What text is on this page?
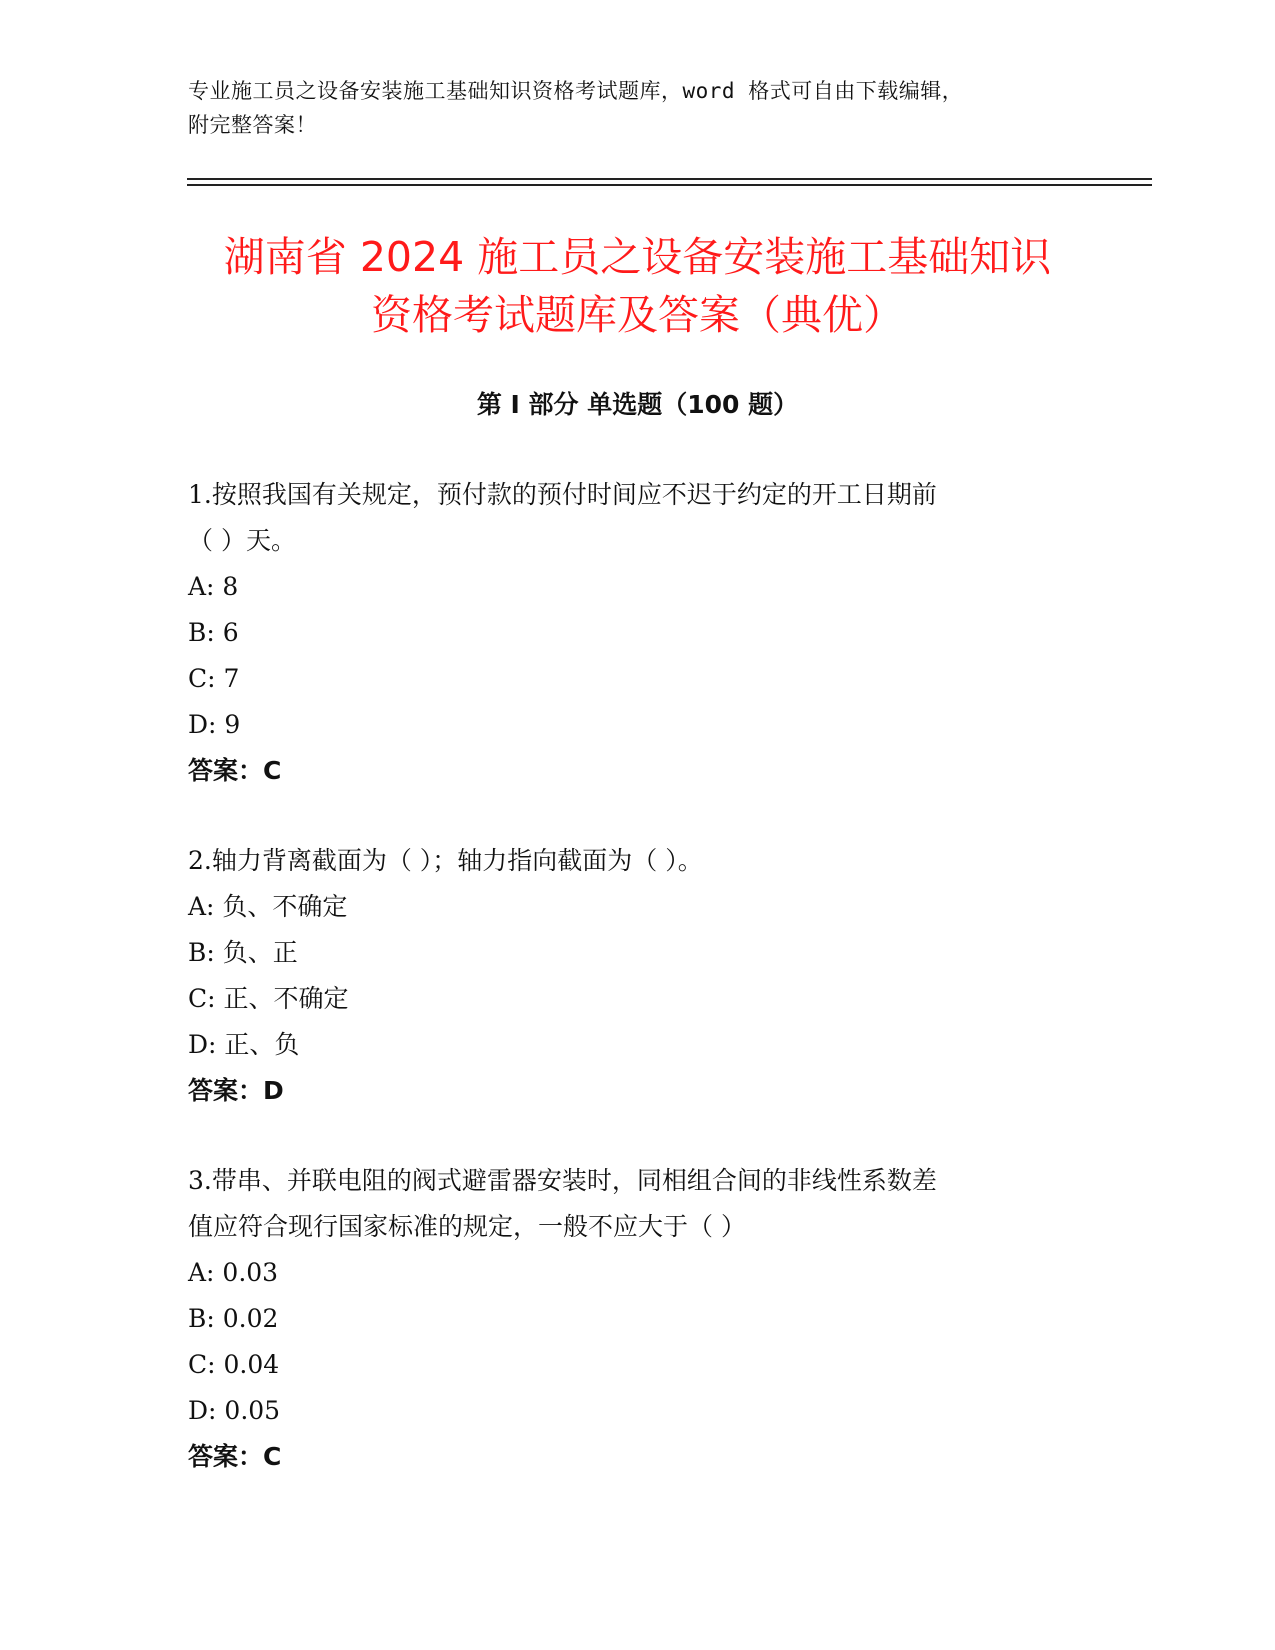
专业施工员之设备安装施工基础知识资格考试题库，word 格式可自由下载编辑，
附完整答案！
湖南省 2024 施工员之设备安装施工基础知识
资格考试题库及答案（典优）
第 I 部分 单选题（100 题）
1.按照我国有关规定，预付款的预付时间应不迟于约定的开工日期前
（ ）天。
A: 8
B: 6
C: 7
D: 9
答案：C
2.轴力背离截面为（ ）；轴力指向截面为（ ）。
A: 负、不确定
B: 负、正
C: 正、不确定
D: 正、负
答案：D
3.带串、并联电阻的阀式避雷器安装时，同相组合间的非线性系数差
值应符合现行国家标准的规定，一般不应大于（ ）
A: 0.03
B: 0.02
C: 0.04
D: 0.05
答案：C
